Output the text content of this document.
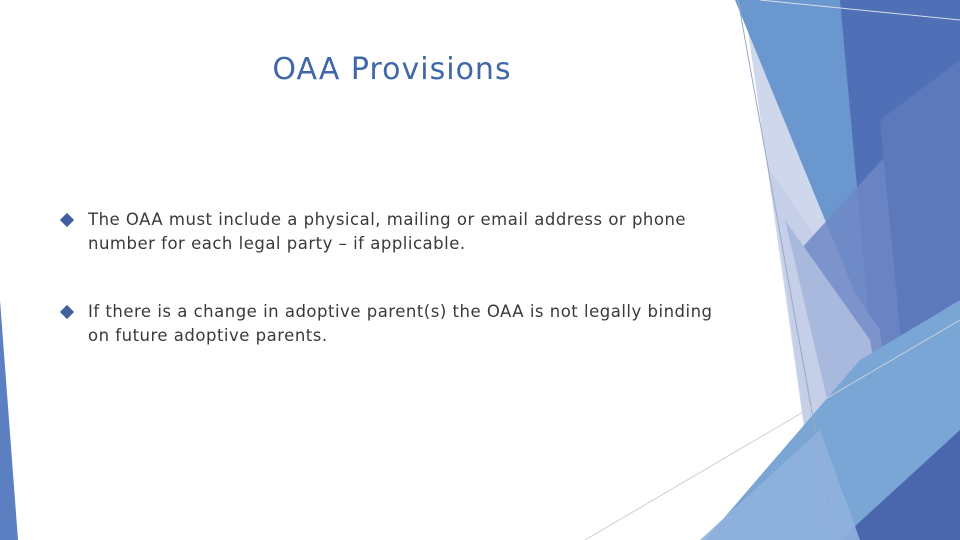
OAA Provisions
The OAA must include a physical, mailing or email address or phone number for each legal party – if applicable.
If there is a change in adoptive parent(s) the OAA is not legally binding on future adoptive parents.
